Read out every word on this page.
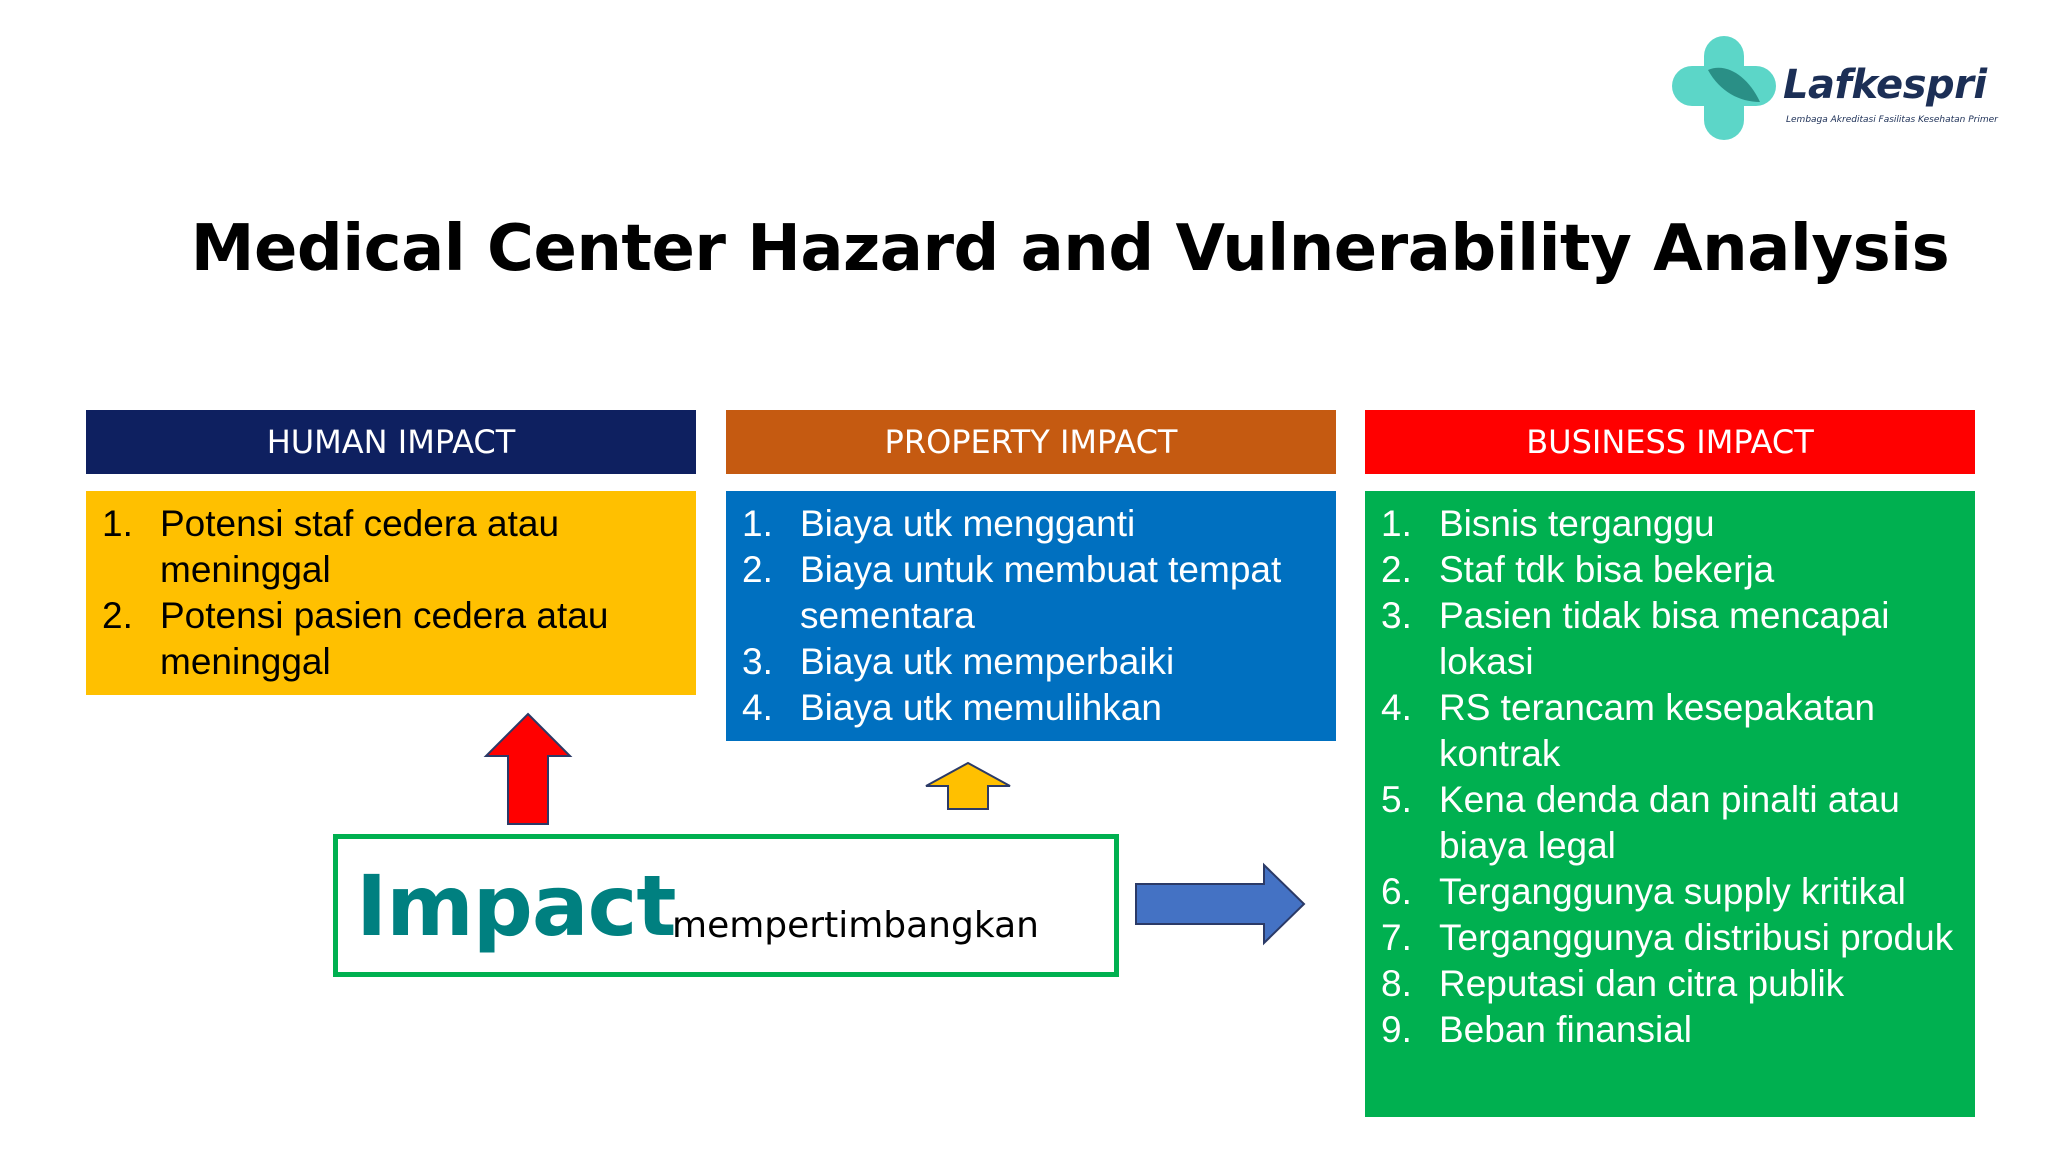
Lafkespri
Lembaga Akreditasi Fasilitas Kesehatan Primer
Medical Center Hazard and Vulnerability Analysis
HUMAN IMPACT	PROPERTY IMPACT	BUSINESS IMPACT
1. Potensi staf cedera atau meninggal
2. Potensi pasien cedera atau meninggal
1. Biaya utk mengganti
2. Biaya untuk membuat tempat sementara
3. Biaya utk memperbaiki
4. Biaya utk memulihkan
1. Bisnis terganggu
2. Staf tdk bisa bekerja
3. Pasien tidak bisa mencapai lokasi
4. RS terancam kesepakatan kontrak
5. Kena denda dan pinalti atau biaya legal
6. Terganggunya supply kritikal
7. Terganggunya distribusi produk
8. Reputasi dan citra publik
9. Beban finansial
Impact
mempertimbangkan
